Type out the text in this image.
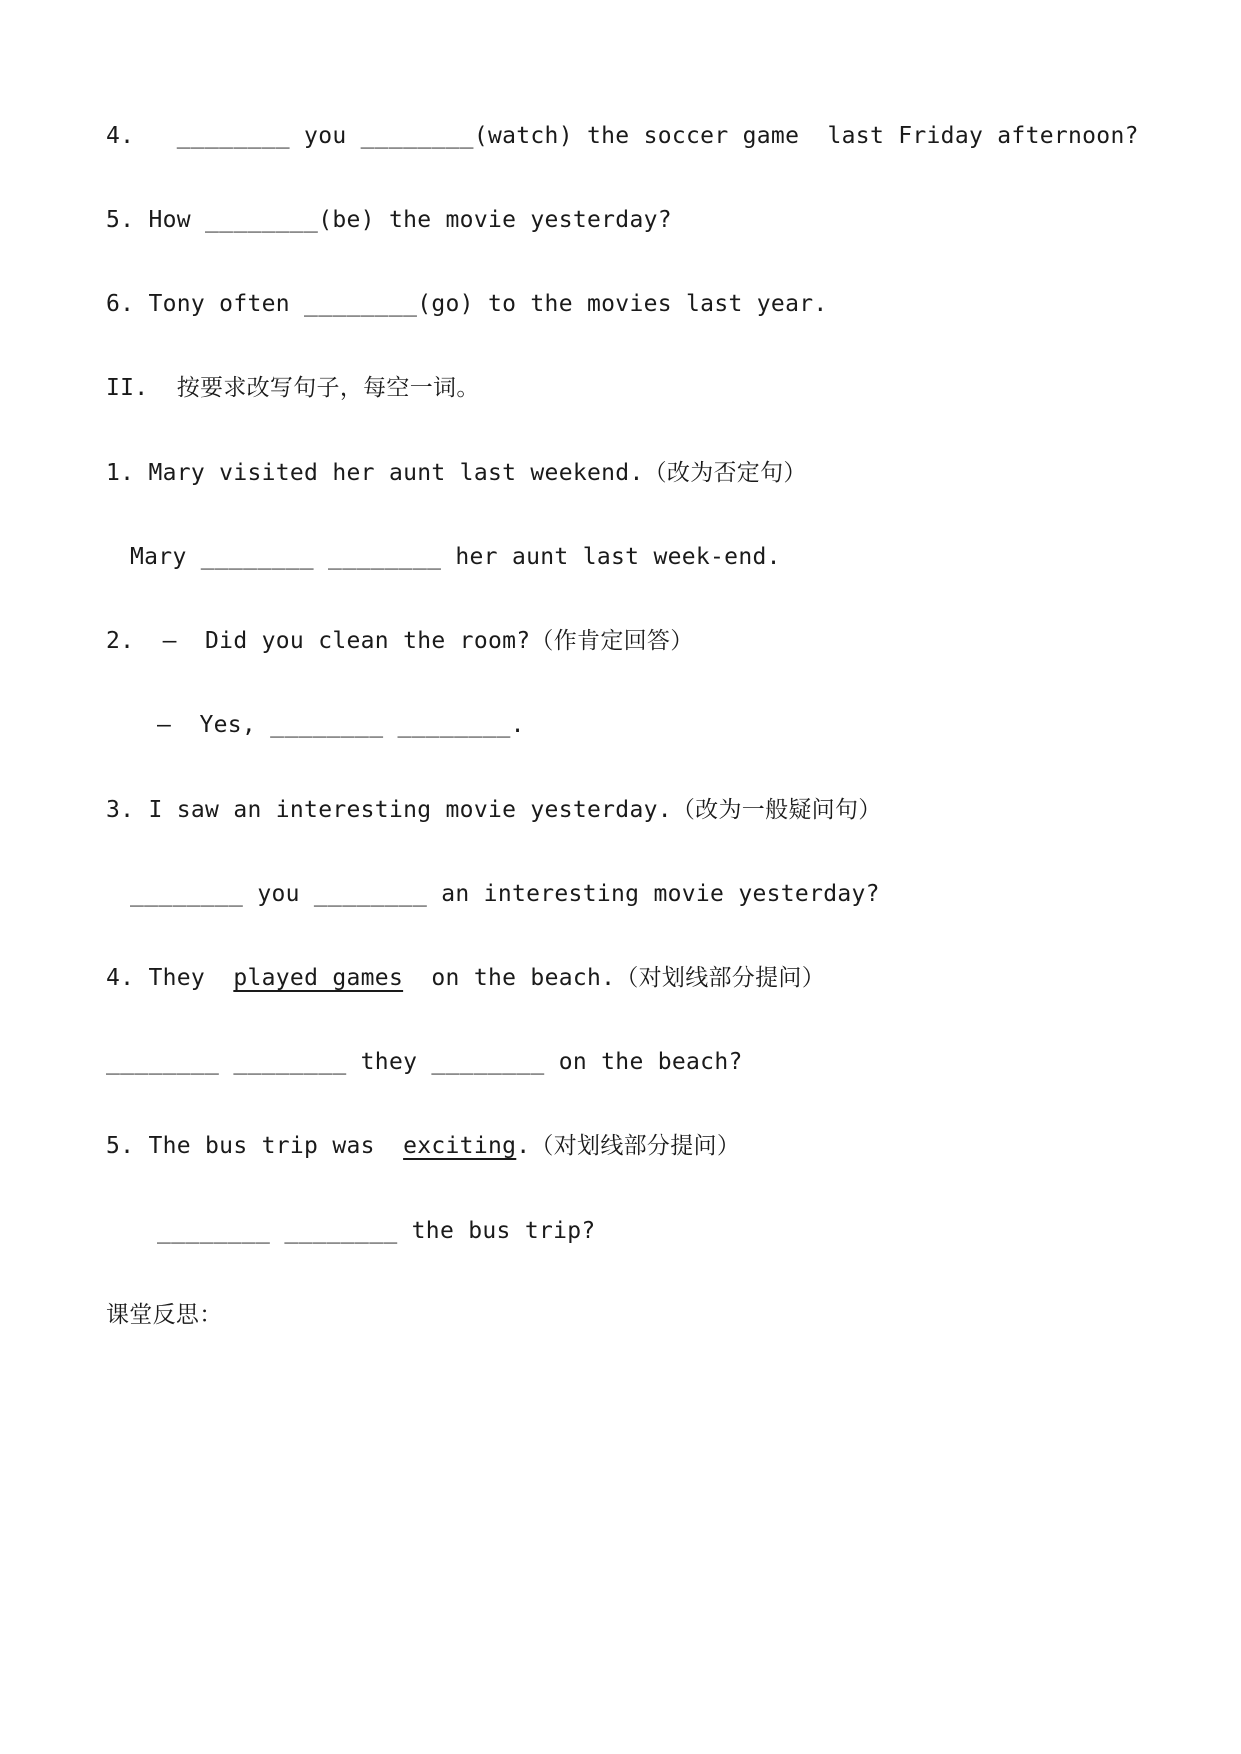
4.   ________ you ________(watch) the soccer game  last Friday afternoon?
5. How ________(be) the movie yesterday?
6. Tony often ________(go) to the movies last year.
II.  按要求改写句子，每空一词。
1. Mary visited her aunt last weekend.（改为否定句）
Mary ________ ________ her aunt last week-end.
2.  —  Did you clean the room?（作肯定回答）
—  Yes, ________ ________.
3. I saw an interesting movie yesterday.（改为一般疑问句）
________ you ________ an interesting movie yesterday?
4. They  played games  on the beach.（对划线部分提问）
________ ________ they ________ on the beach?
5. The bus trip was  exciting.（对划线部分提问）
________ ________ the bus trip?
课堂反思：
